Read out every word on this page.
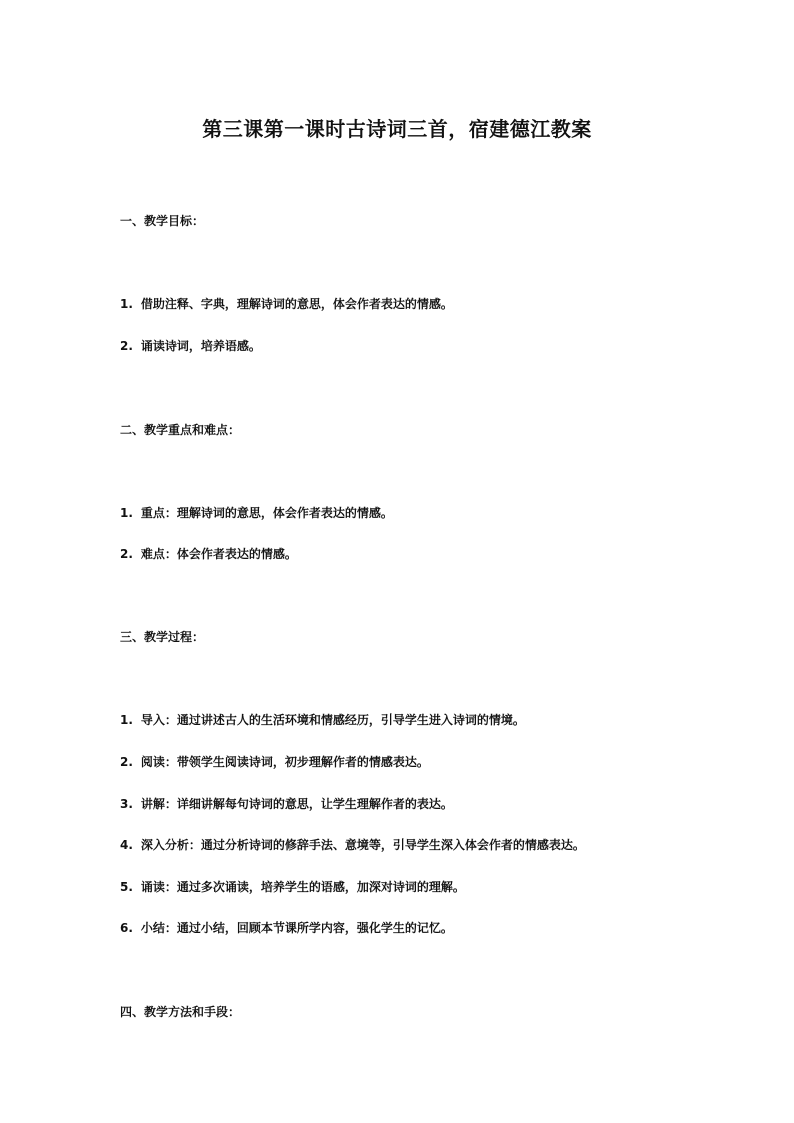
第三课第一课时古诗词三首，宿建德江教案
一、教学目标：
1. 借助注释、字典，理解诗词的意思，体会作者表达的情感。
2. 诵读诗词，培养语感。
二、教学重点和难点：
1. 重点：理解诗词的意思，体会作者表达的情感。
2. 难点：体会作者表达的情感。
三、教学过程：
1. 导入：通过讲述古人的生活环境和情感经历，引导学生进入诗词的情境。
2. 阅读：带领学生阅读诗词，初步理解作者的情感表达。
3. 讲解：详细讲解每句诗词的意思，让学生理解作者的表达。
4. 深入分析：通过分析诗词的修辞手法、意境等，引导学生深入体会作者的情感表达。
5. 诵读：通过多次诵读，培养学生的语感，加深对诗词的理解。
6. 小结：通过小结，回顾本节课所学内容，强化学生的记忆。
四、教学方法和手段：
